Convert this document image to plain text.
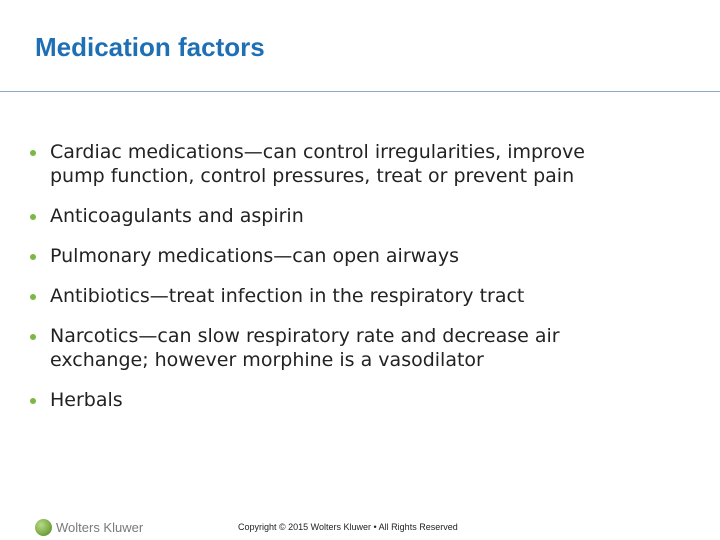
Medication factors
Cardiac medications—can control irregularities, improve
pump function, control pressures, treat or prevent pain
Anticoagulants and aspirin
Pulmonary medications—can open airways
Antibiotics—treat infection in the respiratory tract
Narcotics—can slow respiratory rate and decrease air
exchange; however morphine is a vasodilator
Herbals
Wolters Kluwer	Copyright © 2015 Wolters Kluwer • All Rights Reserved
